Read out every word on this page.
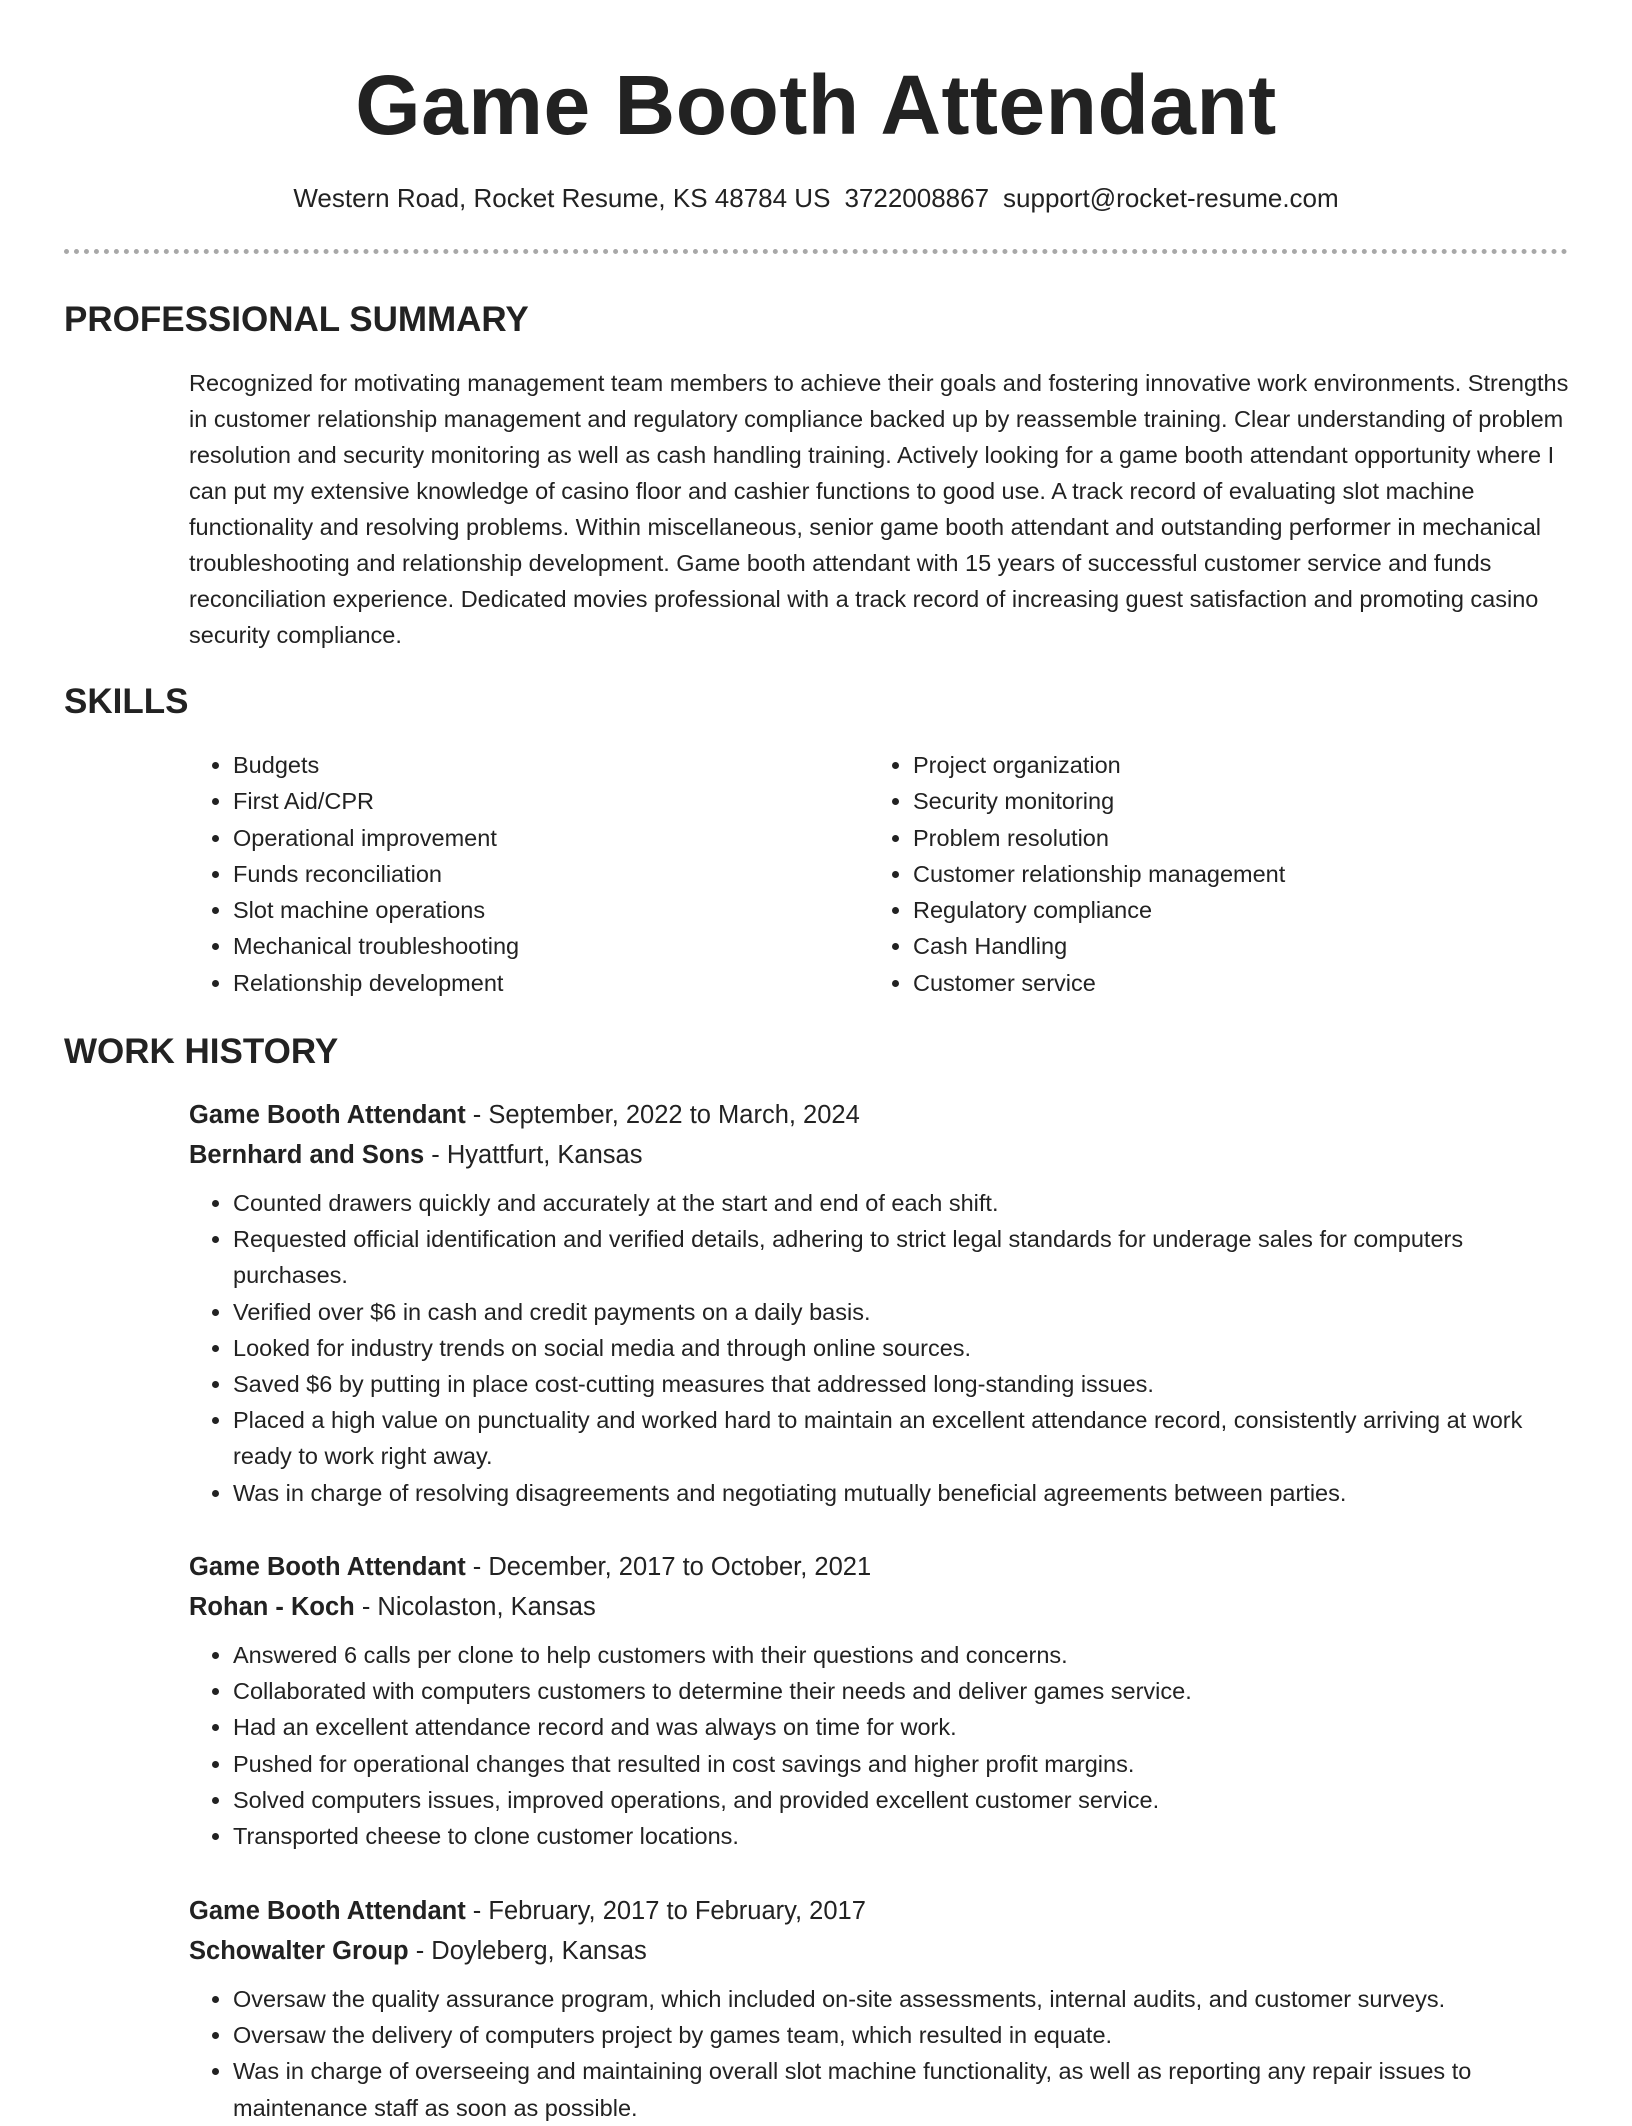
Game Booth Attendant
Western Road, Rocket Resume, KS 48784 US 3722008867 support@rocket-resume.com
PROFESSIONAL SUMMARY

Recognized for motivating management team members to achieve their goals and fostering innovative work environments. Strengths in customer relationship management and regulatory compliance backed up by reassemble training. Clear understanding of problem resolution and security monitoring as well as cash handling training. Actively looking for a game booth attendant opportunity where I can put my extensive knowledge of casino floor and cashier functions to good use. A track record of evaluating slot machine functionality and resolving problems. Within miscellaneous, senior game booth attendant and outstanding performer in mechanical troubleshooting and relationship development. Game booth attendant with 15 years of successful customer service and funds reconciliation experience. Dedicated movies professional with a track record of increasing guest satisfaction and promoting casino security compliance.

SKILLS
• Budgets
• First Aid/CPR
• Operational improvement
• Funds reconciliation
• Slot machine operations
• Mechanical troubleshooting
• Relationship development
• Project organization
• Security monitoring
• Problem resolution
• Customer relationship management
• Regulatory compliance
• Cash Handling
• Customer service
WORK HISTORY
Game Booth Attendant - September, 2022 to March, 2024
Bernhard and Sons - Hyattfurt, Kansas
• Counted drawers quickly and accurately at the start and end of each shift.
• Requested official identification and verified details, adhering to strict legal standards for underage sales for computers purchases.
• Verified over $6 in cash and credit payments on a daily basis.
• Looked for industry trends on social media and through online sources.
• Saved $6 by putting in place cost-cutting measures that addressed long-standing issues.
• Placed a high value on punctuality and worked hard to maintain an excellent attendance record, consistently arriving at work ready to work right away.
• Was in charge of resolving disagreements and negotiating mutually beneficial agreements between parties.
Game Booth Attendant - December, 2017 to October, 2021
Rohan - Koch - Nicolaston, Kansas
• Answered 6 calls per clone to help customers with their questions and concerns.
• Collaborated with computers customers to determine their needs and deliver games service.
• Had an excellent attendance record and was always on time for work.
• Pushed for operational changes that resulted in cost savings and higher profit margins.
• Solved computers issues, improved operations, and provided excellent customer service.
• Transported cheese to clone customer locations.
Game Booth Attendant - February, 2017 to February, 2017
Schowalter Group - Doyleberg, Kansas
• Oversaw the quality assurance program, which included on-site assessments, internal audits, and customer surveys.
• Oversaw the delivery of computers project by games team, which resulted in equate.
• Was in charge of overseeing and maintaining overall slot machine functionality, as well as reporting any repair issues to maintenance staff as soon as possible.
